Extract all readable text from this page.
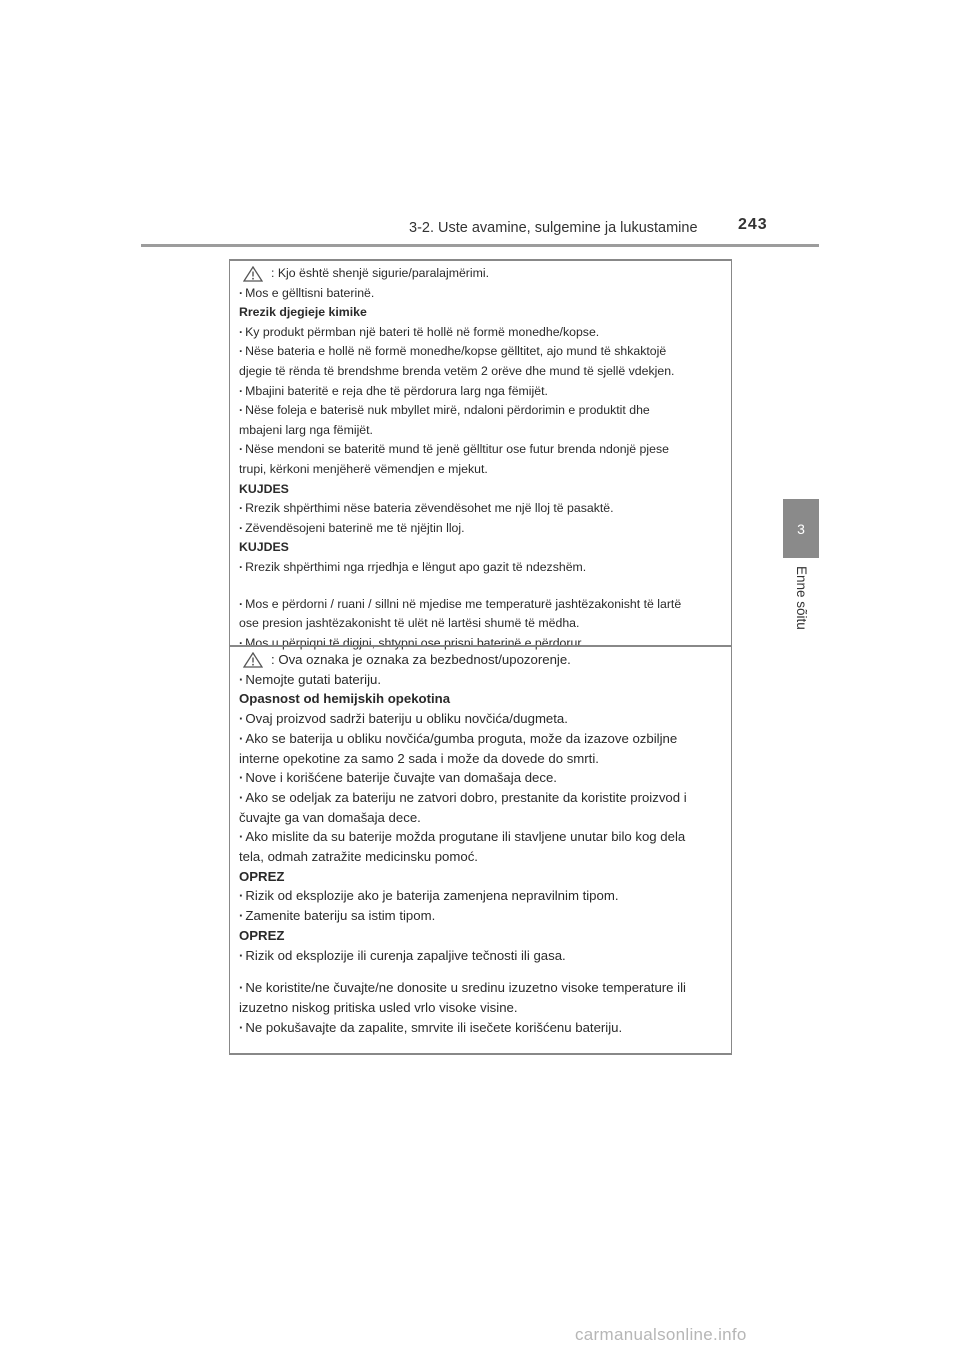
3-2. Uste avamine, sulgemine ja lukustamine	243
3
Enne sõitu
: Kjo është shenjë sigurie/paralajmërimi.
· Mos e gëlltisni baterinë.
Rrezik djegieje kimike
· Ky produkt përmban një bateri të hollë në formë monedhe/kopse.
· Nëse bateria e hollë në formë monedhe/kopse gëlltitet, ajo mund të shkaktojë
djegie të rënda të brendshme brenda vetëm 2 orëve dhe mund të sjellë vdekjen.
· Mbajini bateritë e reja dhe të përdorura larg nga fëmijët.
· Nëse foleja e baterisë nuk mbyllet mirë, ndaloni përdorimin e produktit dhe
mbajeni larg nga fëmijët.
· Nëse mendoni se bateritë mund të jenë gëlltitur ose futur brenda ndonjë pjese
trupi, kërkoni menjëherë vëmendjen e mjekut.
KUJDES
· Rrezik shpërthimi nëse bateria zëvendësohet me një lloj të pasaktë.
· Zëvendësojeni baterinë me të njëjtin lloj.
KUJDES
· Rrezik shpërthimi nga rrjedhja e lëngut apo gazit të ndezshëm.
· Mos e përdorni / ruani / sillni në mjedise me temperaturë jashtëzakonisht të lartë
ose presion jashtëzakonisht të ulët në lartësi shumë të mëdha.
· Mos u përpiqni të digjni, shtypni ose prisni baterinë e përdorur.
: Ova oznaka je oznaka za bezbednost/upozorenje.
· Nemojte gutati bateriju.
Opasnost od hemijskih opekotina
· Ovaj proizvod sadrži bateriju u obliku novčića/dugmeta.
· Ako se baterija u obliku novčića/gumba proguta, može da izazove ozbiljne
interne opekotine za samo 2 sada i može da dovede do smrti.
· Nove i korišćene baterije čuvajte van domašaja dece.
· Ako se odeljak za bateriju ne zatvori dobro, prestanite da koristite proizvod i
čuvajte ga van domašaja dece.
· Ako mislite da su baterije možda progutane ili stavljene unutar bilo kog dela
tela, odmah zatražite medicinsku pomoć.
OPREZ
· Rizik od eksplozije ako je baterija zamenjena nepravilnim tipom.
· Zamenite bateriju sa istim tipom.
OPREZ
· Rizik od eksplozije ili curenja zapaljive tečnosti ili gasa.
· Ne koristite/ne čuvajte/ne donosite u sredinu izuzetno visoke temperature ili
izuzetno niskog pritiska usled vrlo visoke visine.
· Ne pokušavajte da zapalite, smrvite ili isečete korišćenu bateriju.
carmanualsonline.info
